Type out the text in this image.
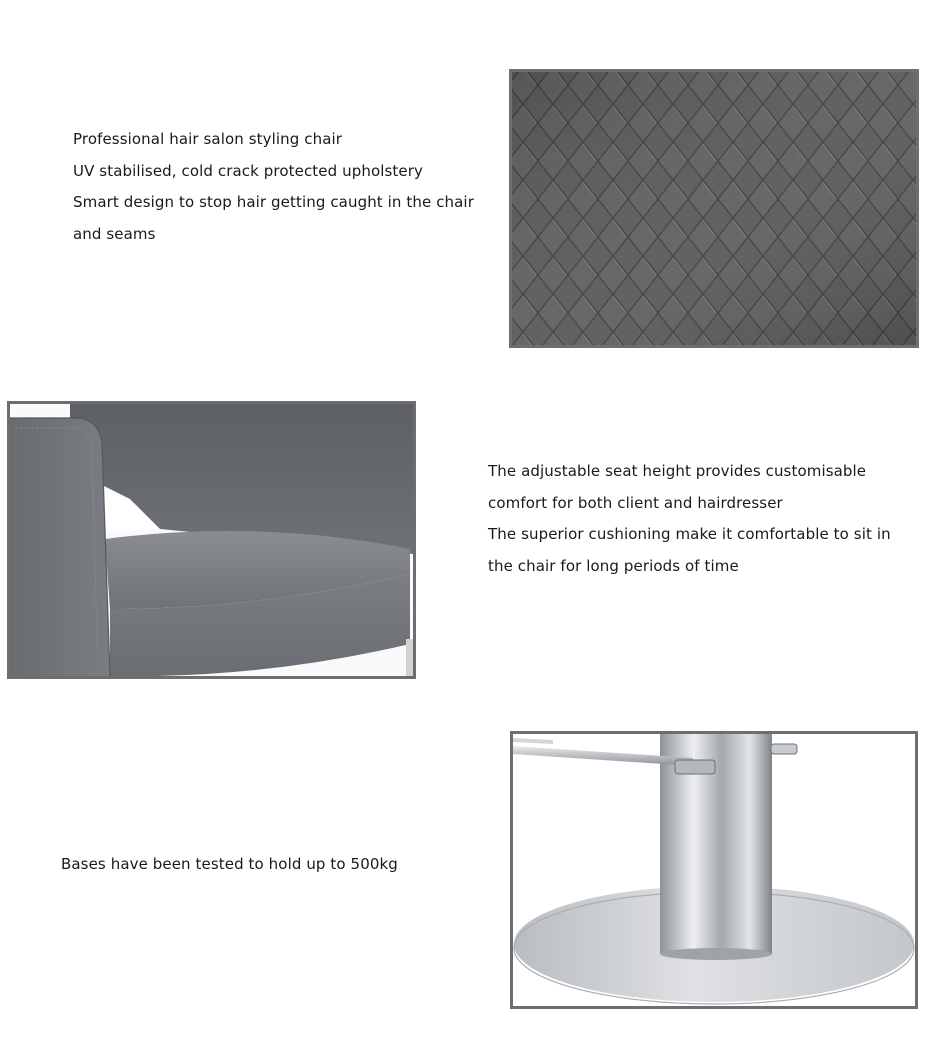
Professional hair salon styling chair

UV stabilised, cold crack protected upholstery

Smart design to stop hair getting caught in the chair

and seams

The adjustable seat height provides customisable

comfort for both client and hairdresser

The superior cushioning make it comfortable to sit in

the chair for long periods of time

Bases have been tested to hold up to 500kg
